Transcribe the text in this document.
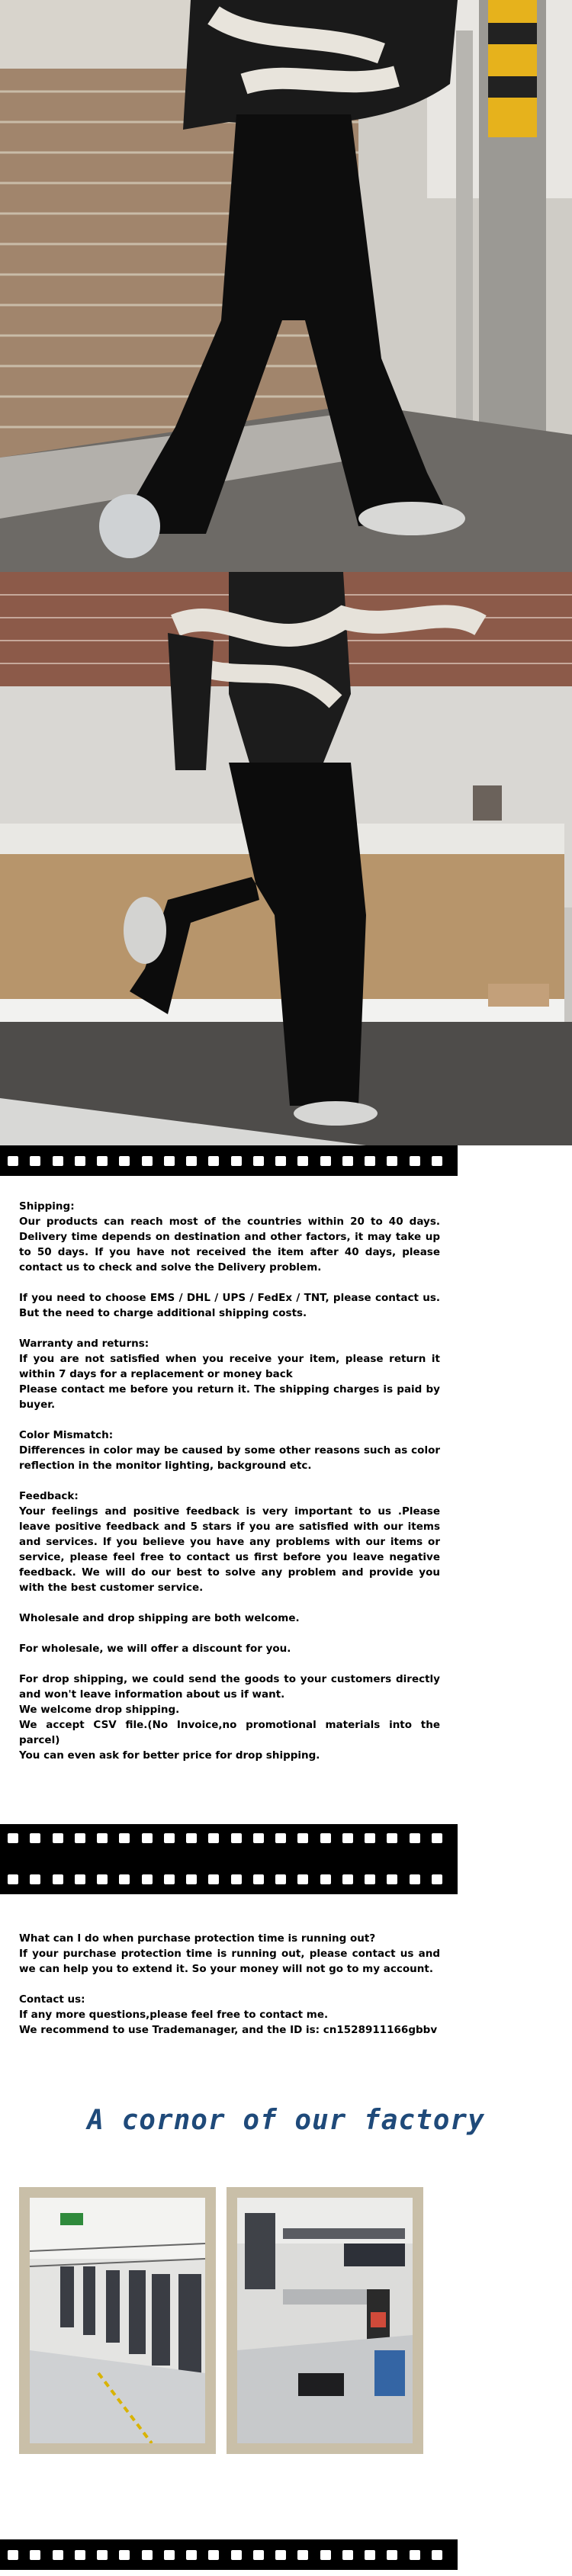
Shipping:

Our products can reach most of the countries within 20 to 40 days. Delivery time depends on destination and other factors, it may take up to 50 days. If you have not received the item after 40 days, please contact us to check and solve the Delivery problem.

If you need to choose EMS / DHL / UPS / FedEx / TNT, please contact us. But the need to charge additional shipping costs.

Warranty and returns:

If you are not satisfied when you receive your item, please return it within 7 days for a replacement or money back

Please contact me before you return it. The shipping charges is paid by buyer.

Color Mismatch:

Differences in color may be caused by some other reasons such as color reflection in the monitor lighting, background etc.

Feedback:

Your feelings and positive feedback is very important to us .Please leave positive feedback and 5 stars if you are satisfied with our items and services. If you believe you have any problems with our items or service, please feel free to contact us first before you leave negative feedback. We will do our best to solve any problem and provide you with the best customer service.

Wholesale and drop shipping are both welcome.

For wholesale, we will offer a discount for you.

For drop shipping, we could send the goods to your customers directly and won't leave information about us if want.

We welcome drop shipping.

We accept CSV file.(No Invoice,no promotional materials into the parcel)

You can even ask for better price for drop shipping.

What can I do when purchase protection time is running out?

If your purchase protection time is running out, please contact us and we can help you to extend it. So your money will not go to my account.

Contact us:

If any more questions,please feel free to contact me.

We recommend to use Trademanager, and the ID is: cn1528911166gbbv

A cornor of our factory
